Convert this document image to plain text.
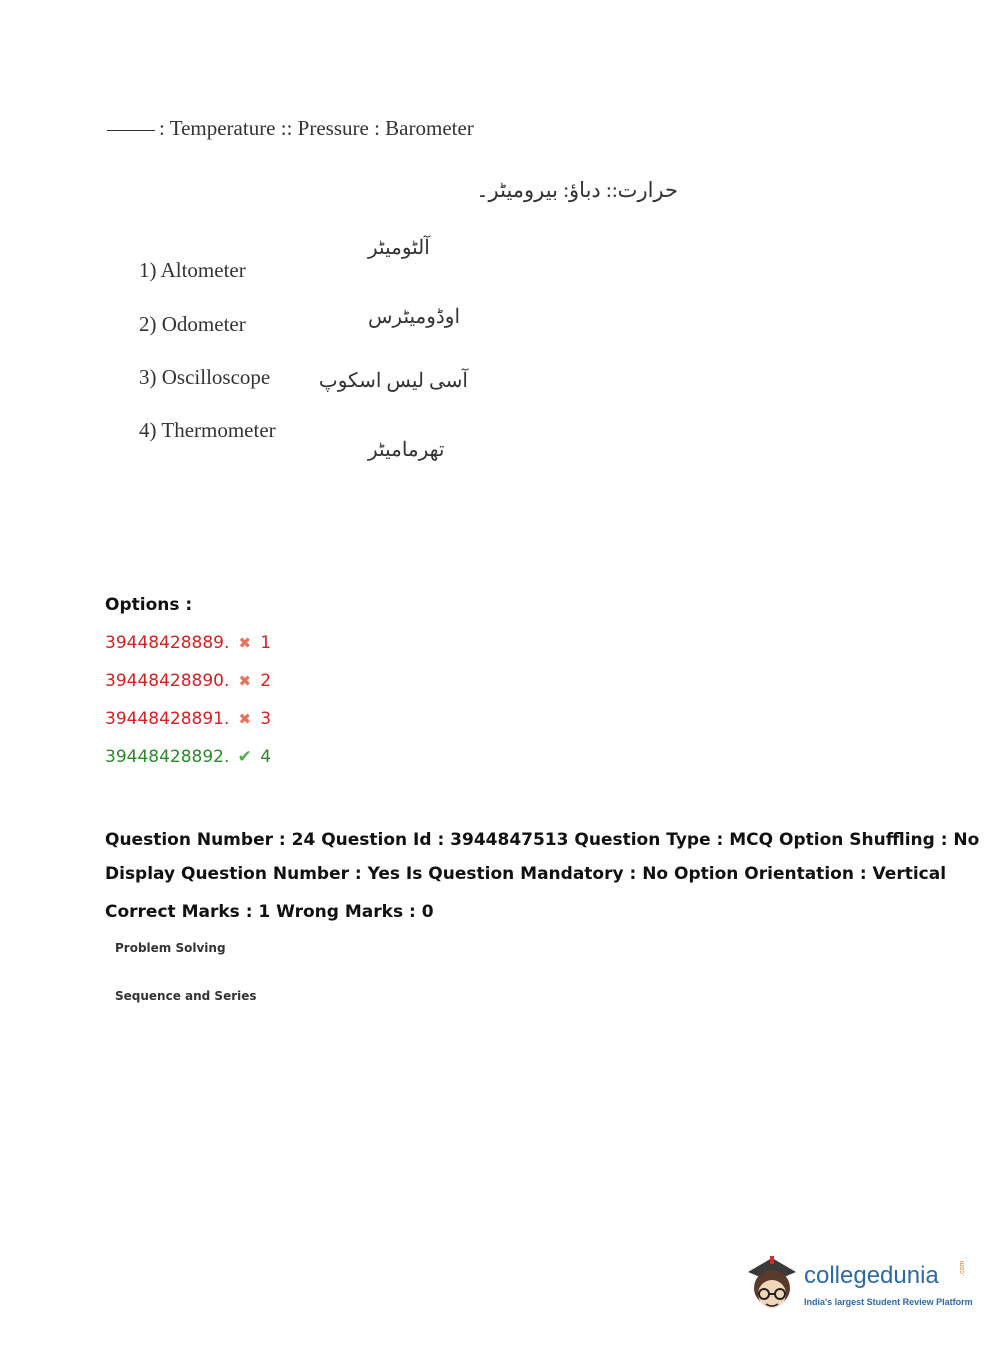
: Temperature :: Pressure : Barometer
حرارت:: دباؤ: بیرومیٹر۔
1) Altometer
آلٹومیٹر
2) Odometer	اوڈومیٹرس
3) Oscilloscope آسی لیس اسکوپ
4) Thermometer
تھرمامیٹر
Options :
39448428889. ✖ 1
39448428890. ✖ 2
39448428891. ✖ 3
39448428892. ✔ 4
Question Number : 24 Question Id : 3944847513 Question Type : MCQ Option Shuffling : No
Display Question Number : Yes Is Question Mandatory : No Option Orientation : Vertical
Correct Marks : 1 Wrong Marks : 0
Problem Solving
Sequence and Series
collegedunia	.com
India's largest Student Review Platform
